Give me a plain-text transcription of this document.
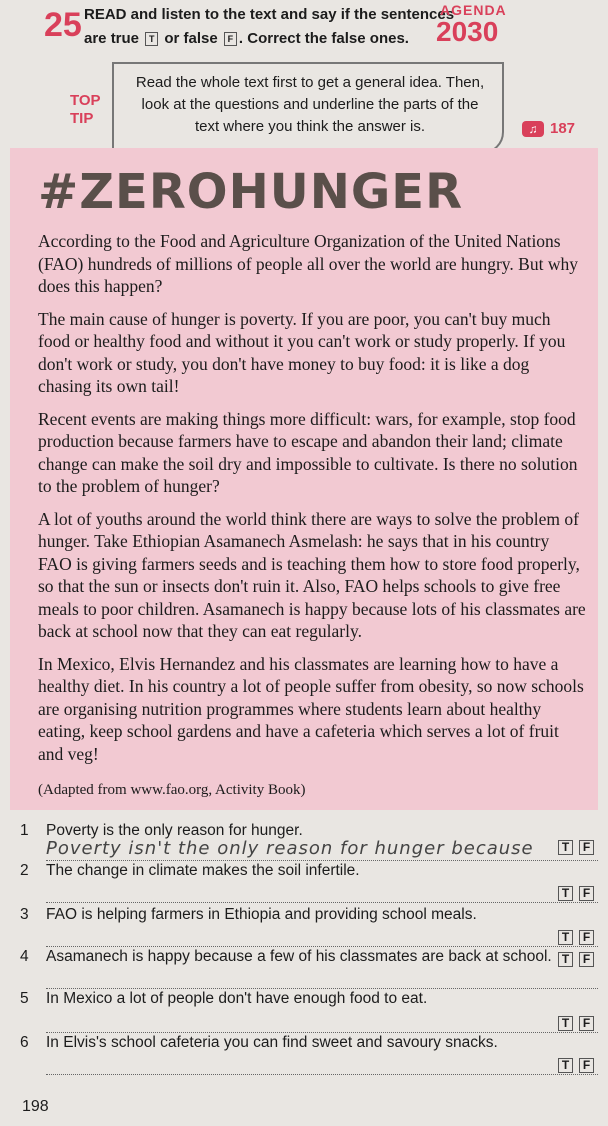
25 READ and listen to the text and say if the sentences
are true T or false F . Correct the false ones.
AGENDA
2030
TOP
TIP
Read the whole text first to get a general idea. Then, look at the questions and underline the parts of the text where you think the answer is.	♫ 187
#ZEROHUNGER

According to the Food and Agriculture Organization of the United Nations (FAO) hundreds of millions of people all over the world are hungry. But why does this happen?

The main cause of hunger is poverty. If you are poor, you can't buy much food or healthy food and without it you can't work or study properly. If you don't work or study, you don't have money to buy food: it is like a dog chasing its own tail!

Recent events are making things more difficult: wars, for example, stop food production because farmers have to escape and abandon their land; climate change can make the soil dry and impossible to cultivate. Is there no solution to the problem of hunger?

A lot of youths around the world think there are ways to solve the problem of hunger. Take Ethiopian Asamanech Asmelash: he says that in his country FAO is giving farmers seeds and is teaching them how to store food properly, so that the sun or insects don't ruin it. Also, FAO helps schools to give free meals to poor children. Asamanech is happy because lots of his classmates are back at school now that they can eat regularly.

In Mexico, Elvis Hernandez and his classmates are learning how to have a healthy diet. In his country a lot of people suffer from obesity, so now schools are organising nutrition programmes where students learn about healthy eating, keep school gardens and have a cafeteria which serves a lot of fruit and veg!

(Adapted from www.fao.org, Activity Book)
1 Poverty is the only reason for hunger.
Poverty isn't the only reason for hunger because	T F
2 The change in climate makes the soil infertile.
T F
3 FAO is helping farmers in Ethiopia and providing school meals.
T F
4 Asamanech is happy because a few of his classmates are back at school. T F
5 In Mexico a lot of people don't have enough food to eat.
T F
6 In Elvis's school cafeteria you can find sweet and savoury snacks.
T F
198
